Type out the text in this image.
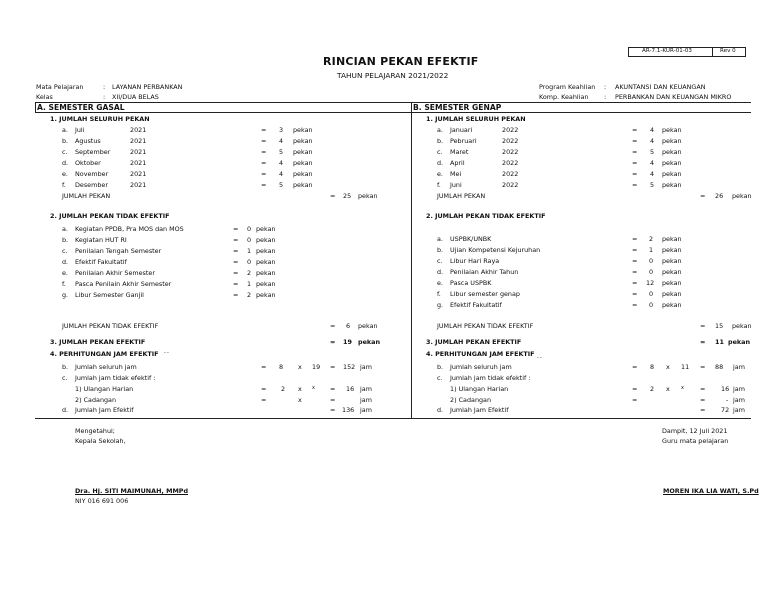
AR-7.1-KUR-01-03	Rev 0
RINCIAN PEKAN EFEKTIF
TAHUN PELAJARAN 2021/2022
Mata Pelajaran	: LAYANAN PERBANKAN
Kelas	: XII/DUA BELAS
Program Keahlian : AKUNTANSI DAN KEUANGAN
Komp. Keahlian : PERBANKAN DAN KEUANGAN MIKRO
A. SEMESTER GASAL	B. SEMESTER GENAP
1. JUMLAH SELURUH PEKAN
a. Juli	2021	= 3 pekan
b. Agustus	2021	= 4 pekan
c. September	2021	= 5 pekan
d. Oktober	2021	= 4 pekan
e. November	2021	= 4 pekan
f. Desember	2021	= 5 pekan
JUMLAH PEKAN	= 25 pekan
2. JUMLAH PEKAN TIDAK EFEKTIF
a. Kegiatan PPDB, Pra MOS dan MOS	= 0 pekan
b. Kegiatan HUT RI	= 0 pekan
c. Penilaian Tengah Semester	= 1 pekan
d. Efektif Fakultatif	= 0 pekan
e. Penilaian Akhir Semester	= 2 pekan
f. Pasca Penilain Akhir Semester	= 1 pekan
g. Libur Semester Ganjil	= 2 pekan
JUMLAH PEKAN TIDAK EFEKTIF	= 6 pekan
3. JUMLAH PEKAN EFEKTIF	= 19 pekan
4. PERHITUNGAN JAM EFEKTIF - -
b. Jumlah seluruh jam	= 8 x 19 = 152 jam
c. Jumlah jam tidak efektif :
1) Ulangan Harian	= 2 x x = 16 jam
2) Cadangan	=	x	=	jam
d. Jumlah Jam Efektif	= 136 jam
1. JUMLAH SELURUH PEKAN
a. Januari	2022	= 4 pekan
b. Pebruari	2022	= 4 pekan
c. Maret	2022	= 5 pekan
d. April	2022	= 4 pekan
e. Mei	2022	= 4 pekan
f. Juni	2022	= 5 pekan
JUMLAH PEKAN	= 26 pekan
2. JUMLAH PEKAN TIDAK EFEKTIF
a. USPBK/UNBK	= 2 pekan
b. Ujian Kompetensi Kejuruhan	= 1 pekan
c. Libur Hari Raya	= 0 pekan
d. Penilaian Akhir Tahun	= 0 pekan
e. Pasca USPBK	= 12 pekan
f. Libur semester genap	= 0 pekan
g. Efektif Fakultatif	= 0 pekan
JUMLAH PEKAN TIDAK EFEKTIF	= 15 pekan
3. JUMLAH PEKAN EFEKTIF	= 11 pekan
4. PERHITUNGAN JAM EFEKTIF - -
b. Jumlah seluruh jam	= 8 x 11 = 88 jam
c. Jumlah jam tidak efektif :
1) Ulangan Harian	= 2 x x	= 16 jam
2) Cadangan	=	=	- jam
d. Jumlah Jam Efektif	= 72 jam
Mengetahui;
Kepala Sekolah,
Dra. Hj. SITI MAIMUNAH, MMPd
NIY 016 691 006
Dampit, 12 Juli 2021
Guru mata pelajaran
MOREN IKA LIA WATI, S.Pd
